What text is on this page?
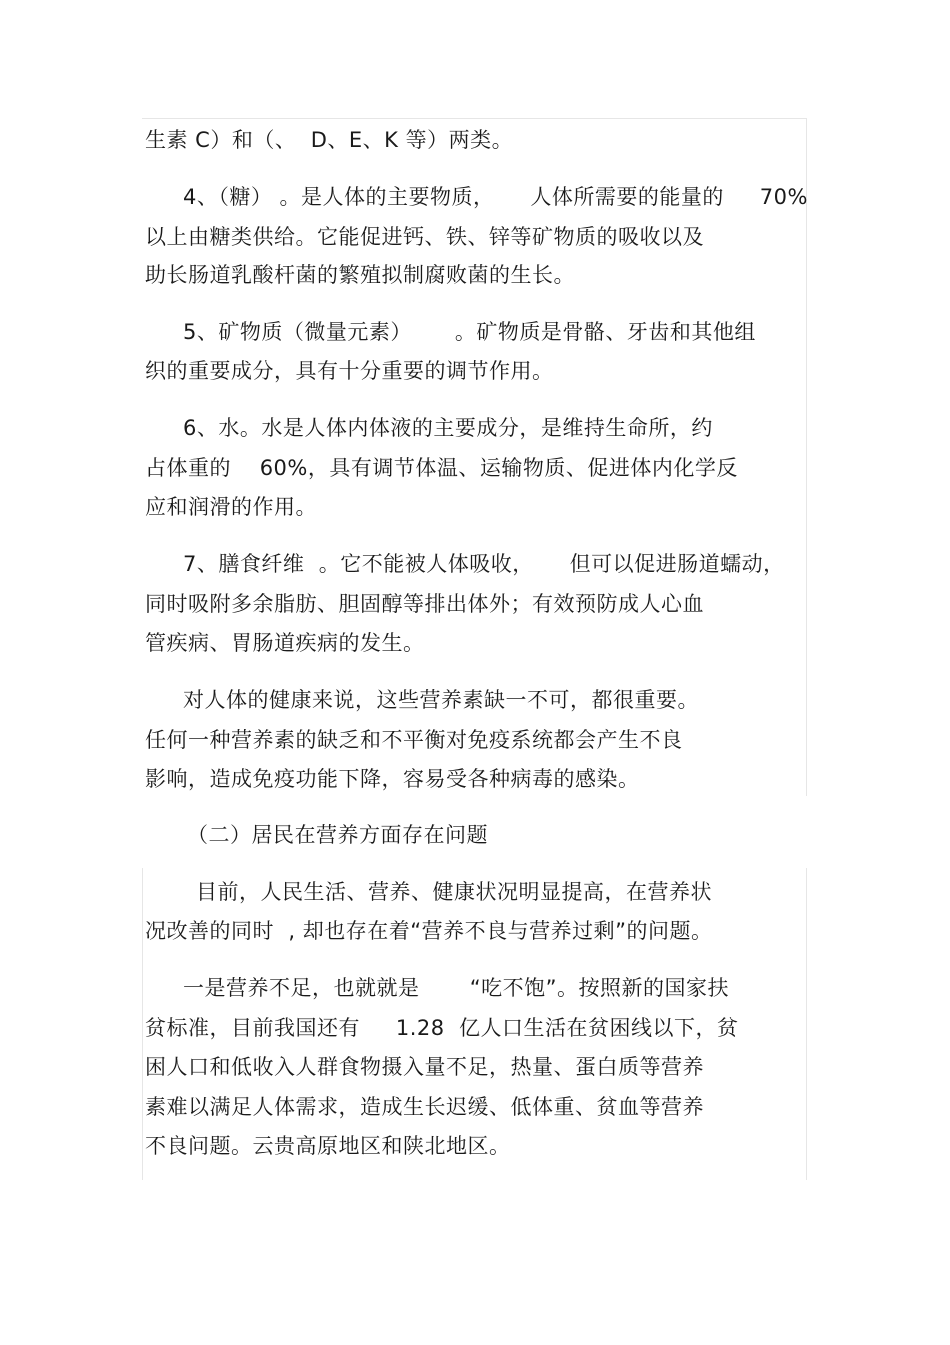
生素 C）和（、  D、E、K 等）两类。
4、（糖） 。是人体的主要物质，     人体所需要的能量的     70%
以上由糖类供给。它能促进钙、铁、锌等矿物质的吸收以及
助长肠道乳酸杆菌的繁殖拟制腐败菌的生长。
5、矿物质（微量元素）      。矿物质是骨骼、牙齿和其他组
织的重要成分，具有十分重要的调节作用。
6、水。水是人体内体液的主要成分，是维持生命所，约
占体重的    60%，具有调节体温、运输物质、促进体内化学反
应和润滑的作用。
7、膳食纤维  。它不能被人体吸收，     但可以促进肠道蠕动，
同时吸附多余脂肪、胆固醇等排出体外；有效预防成人心血
管疾病、胃肠道疾病的发生。
对人体的健康来说，这些营养素缺一不可，都很重要。
任何一种营养素的缺乏和不平衡对免疫系统都会产生不良
影响，造成免疫功能下降，容易受各种病毒的感染。
（二）居民在营养方面存在问题
目前，人民生活、营养、健康状况明显提高，在营养状
况改善的同时  , 却也存在着“营养不良与营养过剩”的问题。
一是营养不足，也就就是       “吃不饱”。按照新的国家扶
贫标准，目前我国还有     1.28  亿人口生活在贫困线以下，贫
困人口和低收入人群食物摄入量不足，热量、蛋白质等营养
素难以满足人体需求，造成生长迟缓、低体重、贫血等营养
不良问题。云贵高原地区和陕北地区。
